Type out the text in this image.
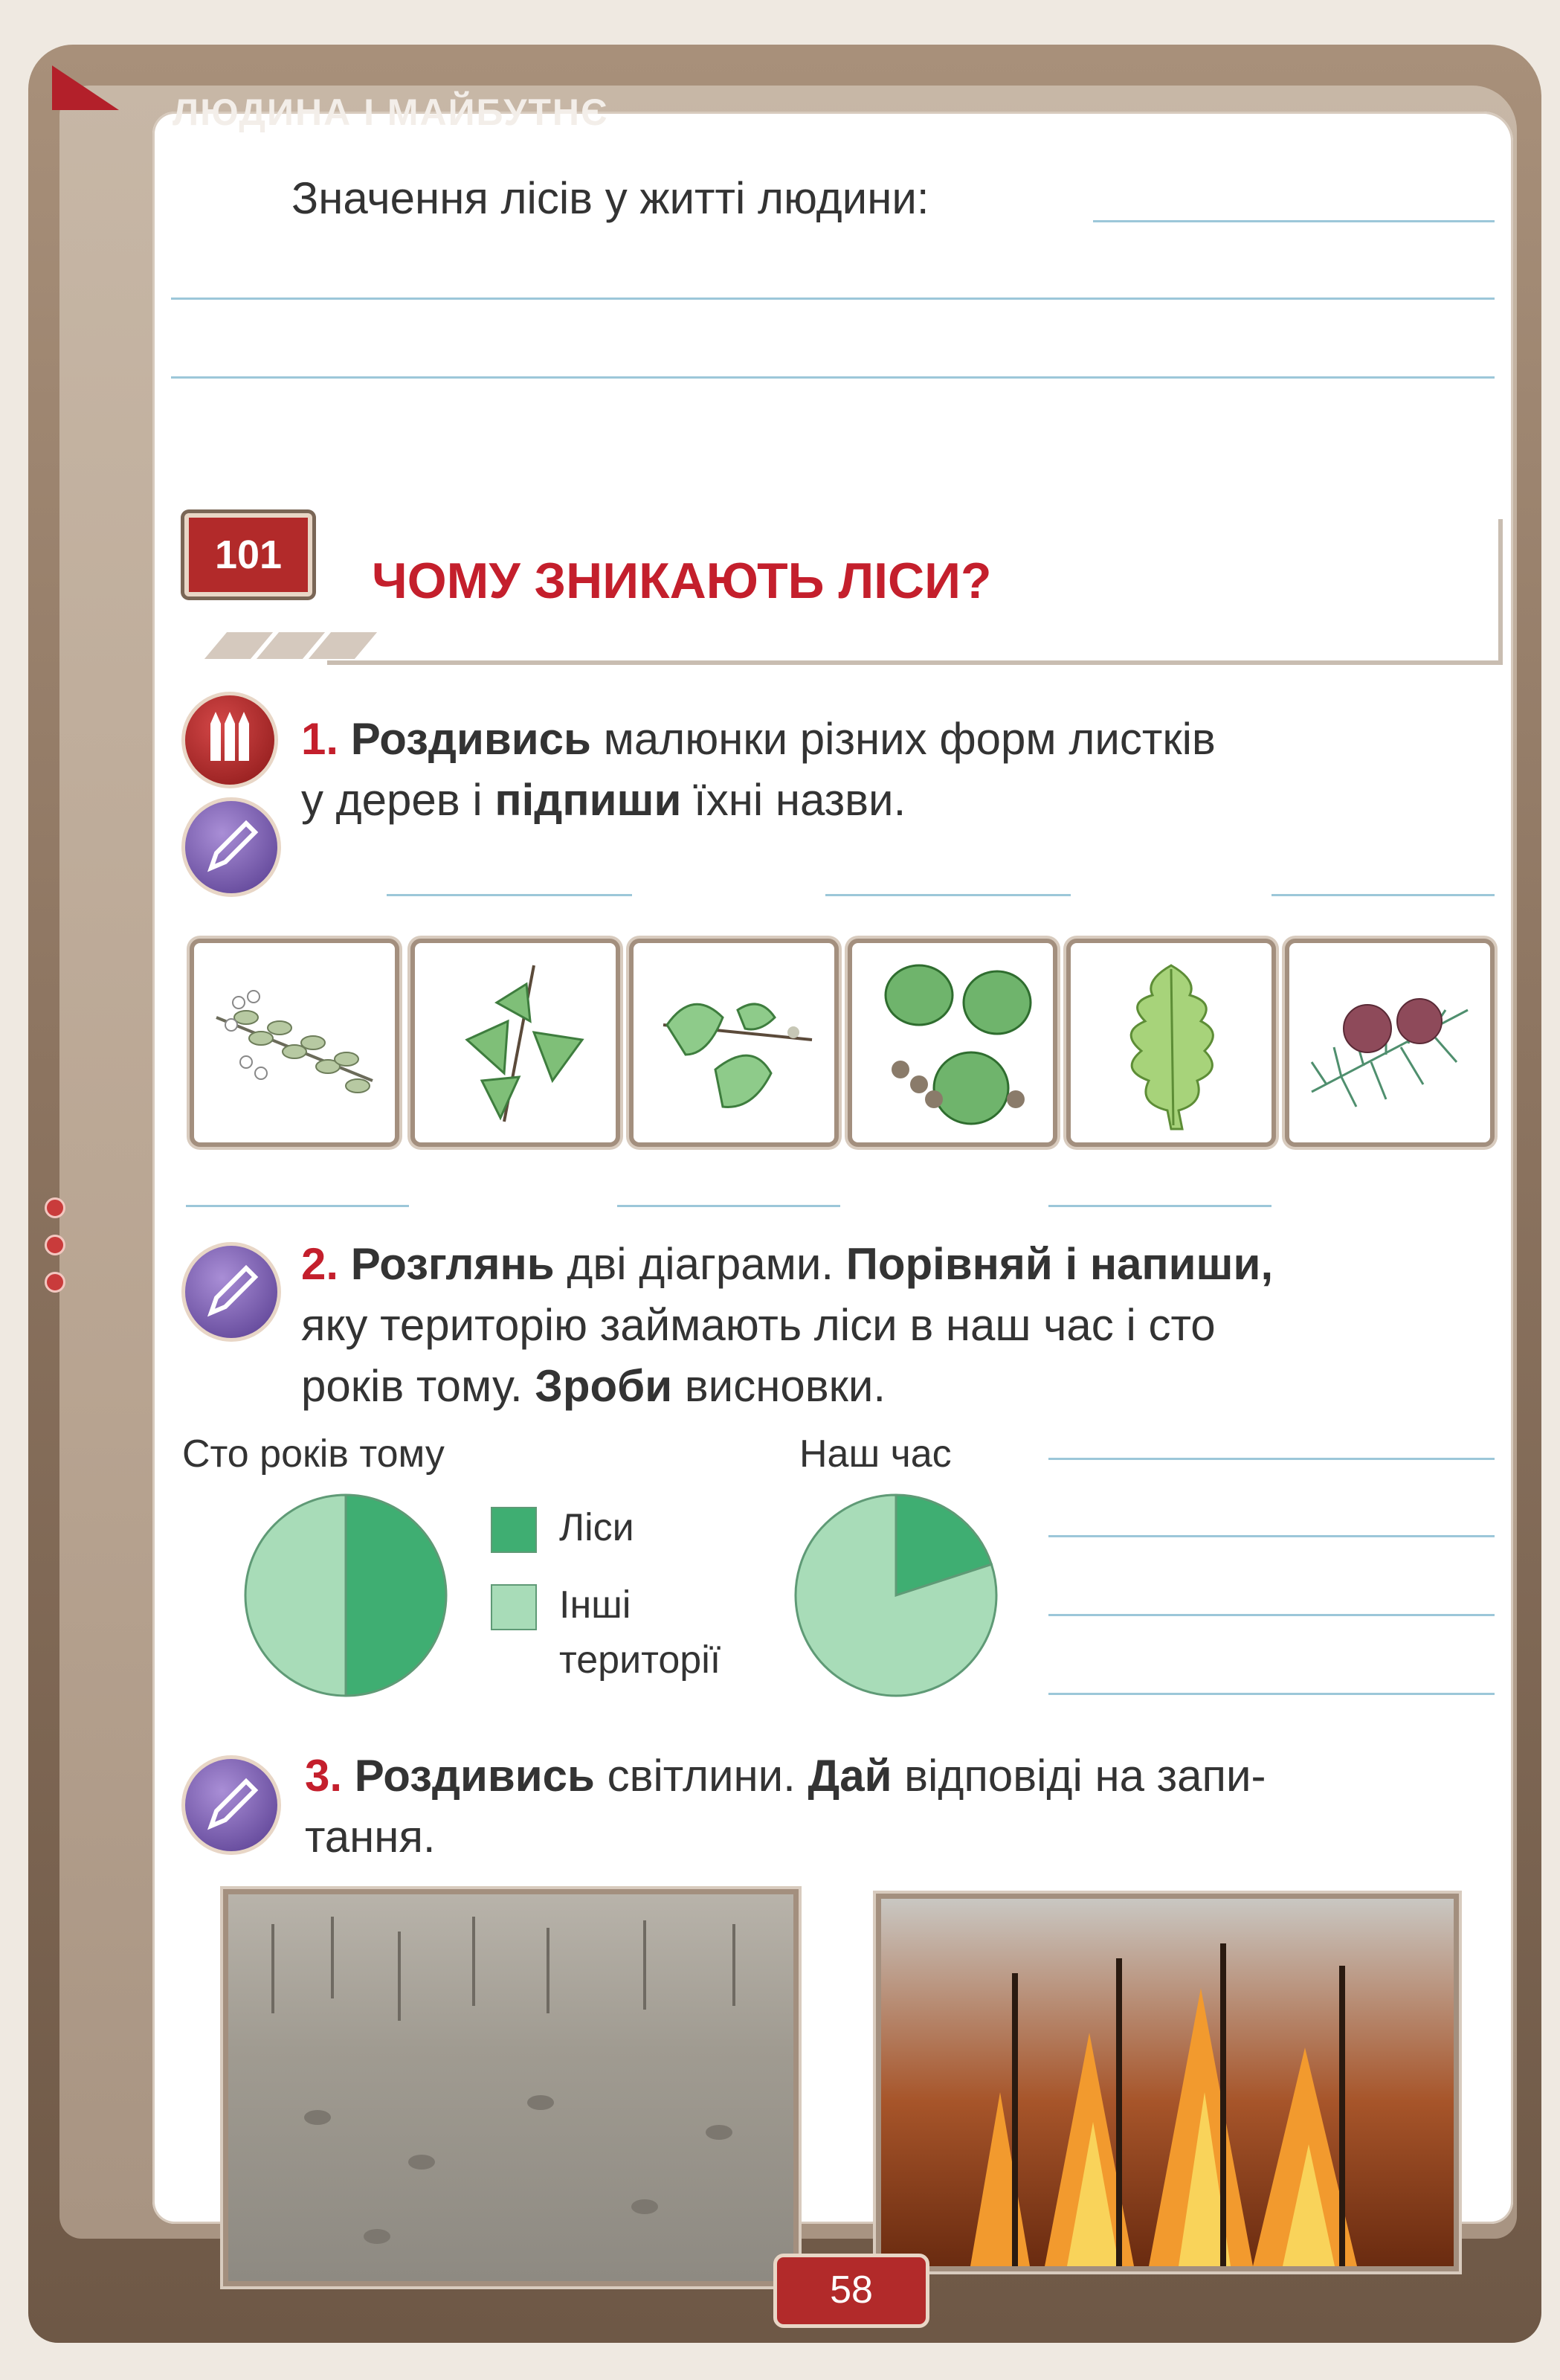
ЛЮДИНА І МАЙБУТНЄ
Значення лісів у житті людини:
101	ЧОМУ ЗНИКАЮТЬ ЛІСИ?
1. Роздивись малюнки різних форм листків
у дерев і підпиши їхні назви.
2. Розглянь дві діаграми. Порівняй і напиши,
яку територію займають ліси в наш час і сто
років тому. Зроби висновки.
Сто років тому	Наш час
Ліси
Інші
території
3. Роздивись світлини. Дай відповіді на запи-
тання.
58
